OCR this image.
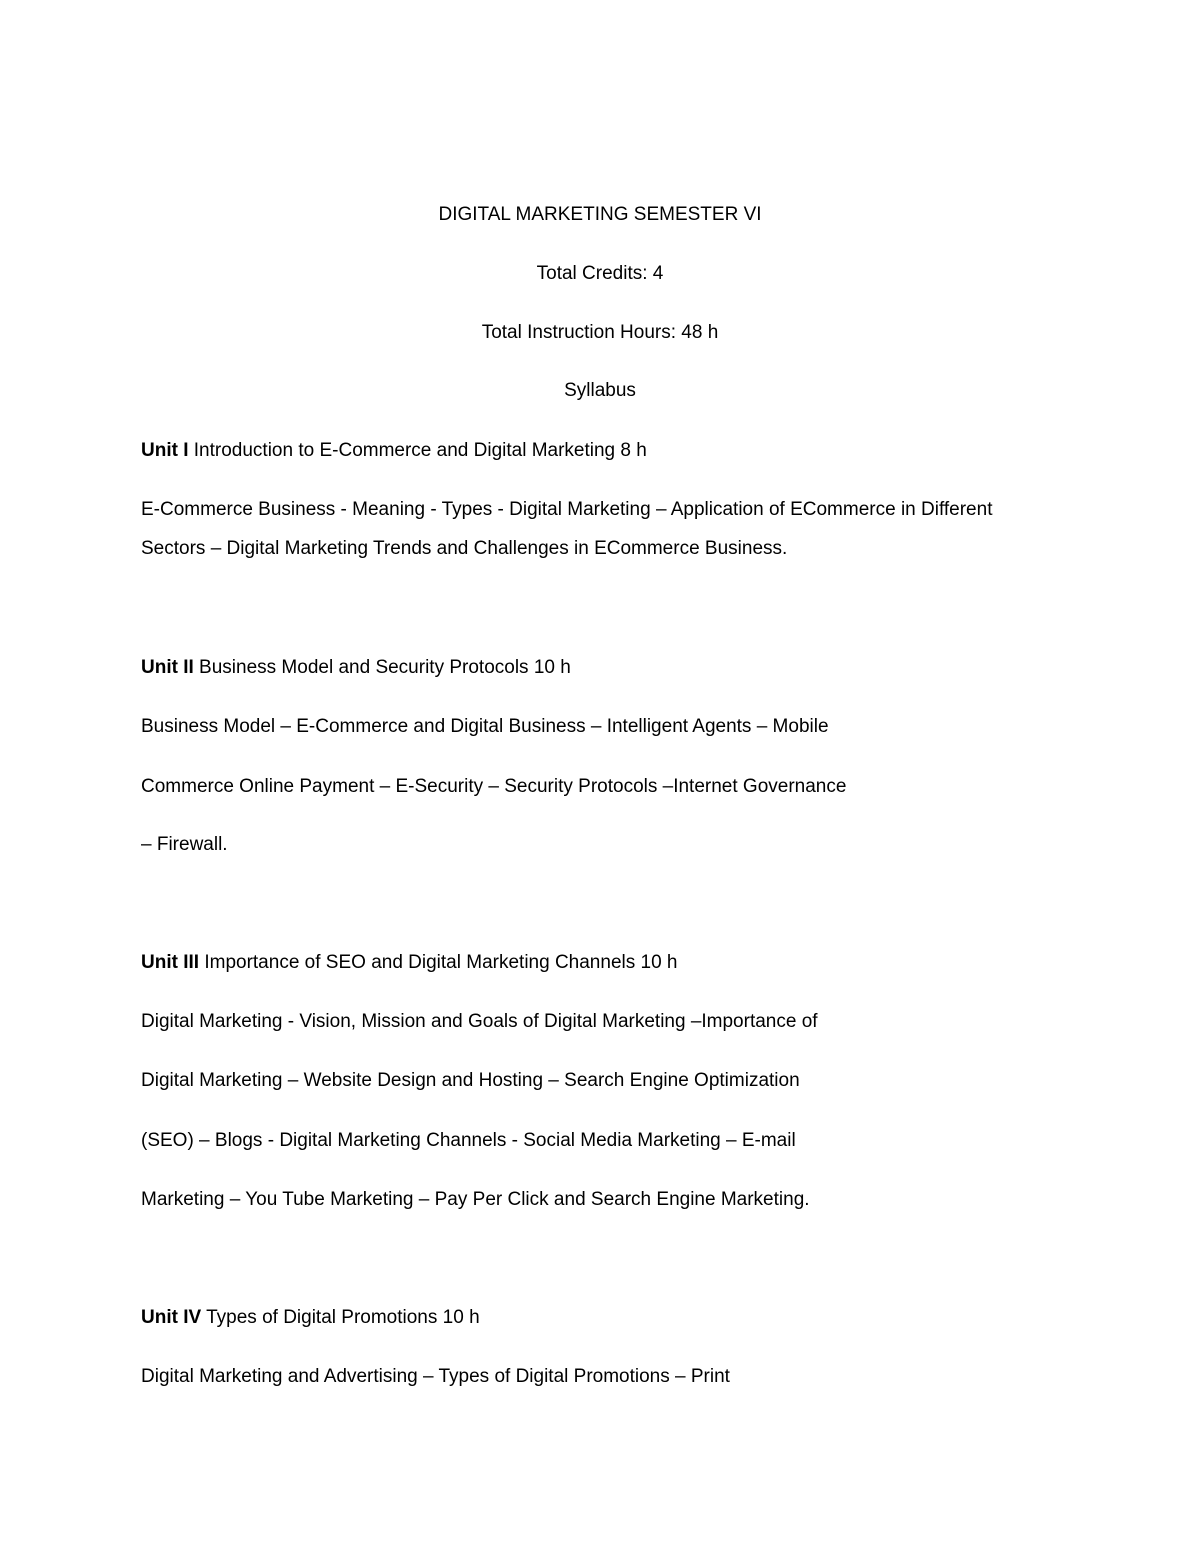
DIGITAL MARKETING SEMESTER VI
Total Credits: 4
Total Instruction Hours: 48 h
Syllabus
Unit I Introduction to E-Commerce and Digital Marketing 8 h
E-Commerce Business - Meaning - Types - Digital Marketing – Application of ECommerce in Different
Sectors – Digital Marketing Trends and Challenges in ECommerce Business.
Unit II Business Model and Security Protocols 10 h
Business Model – E-Commerce and Digital Business – Intelligent Agents – Mobile
Commerce Online Payment – E-Security – Security Protocols –Internet Governance
– Firewall.
Unit III Importance of SEO and Digital Marketing Channels 10 h
Digital Marketing - Vision, Mission and Goals of Digital Marketing –Importance of
Digital Marketing – Website Design and Hosting – Search Engine Optimization
(SEO) – Blogs - Digital Marketing Channels - Social Media Marketing – E-mail
Marketing – You Tube Marketing – Pay Per Click and Search Engine Marketing.
Unit IV Types of Digital Promotions 10 h
Digital Marketing and Advertising – Types of Digital Promotions – Print
